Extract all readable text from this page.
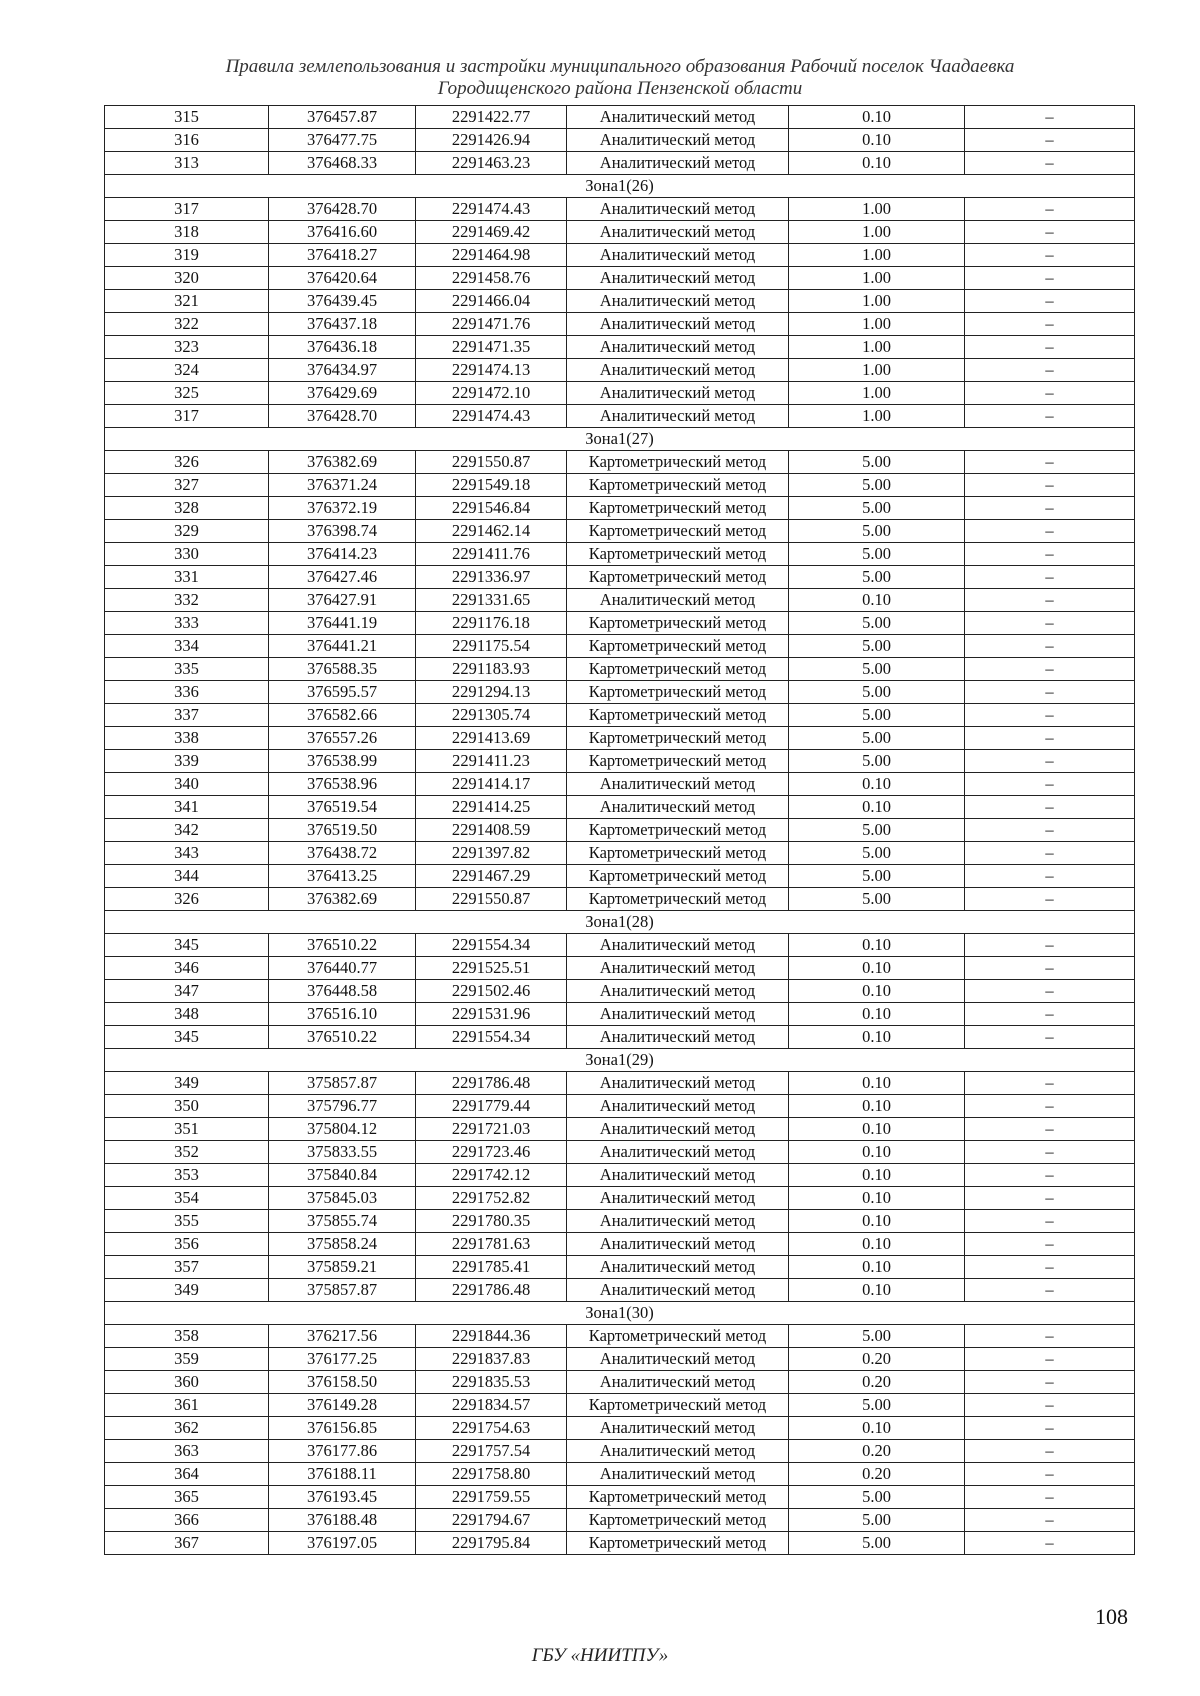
Правила землепользования и застройки муниципального образования Рабочий поселок Чаадаевка
Городищенского района Пензенской области
315	376457.87	2291422.77	Аналитический метод	0.10	–
316	376477.75	2291426.94	Аналитический метод	0.10	–
313	376468.33	2291463.23	Аналитический метод	0.10	–
Зона1(26)					
317	376428.70	2291474.43	Аналитический метод	1.00	–
318	376416.60	2291469.42	Аналитический метод	1.00	–
319	376418.27	2291464.98	Аналитический метод	1.00	–
320	376420.64	2291458.76	Аналитический метод	1.00	–
321	376439.45	2291466.04	Аналитический метод	1.00	–
322	376437.18	2291471.76	Аналитический метод	1.00	–
323	376436.18	2291471.35	Аналитический метод	1.00	–
324	376434.97	2291474.13	Аналитический метод	1.00	–
325	376429.69	2291472.10	Аналитический метод	1.00	–
317	376428.70	2291474.43	Аналитический метод	1.00	–
Зона1(27)					
326	376382.69	2291550.87	Картометрический метод	5.00	–
327	376371.24	2291549.18	Картометрический метод	5.00	–
328	376372.19	2291546.84	Картометрический метод	5.00	–
329	376398.74	2291462.14	Картометрический метод	5.00	–
330	376414.23	2291411.76	Картометрический метод	5.00	–
331	376427.46	2291336.97	Картометрический метод	5.00	–
332	376427.91	2291331.65	Аналитический метод	0.10	–
333	376441.19	2291176.18	Картометрический метод	5.00	–
334	376441.21	2291175.54	Картометрический метод	5.00	–
335	376588.35	2291183.93	Картометрический метод	5.00	–
336	376595.57	2291294.13	Картометрический метод	5.00	–
337	376582.66	2291305.74	Картометрический метод	5.00	–
338	376557.26	2291413.69	Картометрический метод	5.00	–
339	376538.99	2291411.23	Картометрический метод	5.00	–
340	376538.96	2291414.17	Аналитический метод	0.10	–
341	376519.54	2291414.25	Аналитический метод	0.10	–
342	376519.50	2291408.59	Картометрический метод	5.00	–
343	376438.72	2291397.82	Картометрический метод	5.00	–
344	376413.25	2291467.29	Картометрический метод	5.00	–
326	376382.69	2291550.87	Картометрический метод	5.00	–
Зона1(28)					
345	376510.22	2291554.34	Аналитический метод	0.10	–
346	376440.77	2291525.51	Аналитический метод	0.10	–
347	376448.58	2291502.46	Аналитический метод	0.10	–
348	376516.10	2291531.96	Аналитический метод	0.10	–
345	376510.22	2291554.34	Аналитический метод	0.10	–
Зона1(29)					
349	375857.87	2291786.48	Аналитический метод	0.10	–
350	375796.77	2291779.44	Аналитический метод	0.10	–
351	375804.12	2291721.03	Аналитический метод	0.10	–
352	375833.55	2291723.46	Аналитический метод	0.10	–
353	375840.84	2291742.12	Аналитический метод	0.10	–
354	375845.03	2291752.82	Аналитический метод	0.10	–
355	375855.74	2291780.35	Аналитический метод	0.10	–
356	375858.24	2291781.63	Аналитический метод	0.10	–
357	375859.21	2291785.41	Аналитический метод	0.10	–
349	375857.87	2291786.48	Аналитический метод	0.10	–
Зона1(30)					
358	376217.56	2291844.36	Картометрический метод	5.00	–
359	376177.25	2291837.83	Аналитический метод	0.20	–
360	376158.50	2291835.53	Аналитический метод	0.20	–
361	376149.28	2291834.57	Картометрический метод	5.00	–
362	376156.85	2291754.63	Аналитический метод	0.10	–
363	376177.86	2291757.54	Аналитический метод	0.20	–
364	376188.11	2291758.80	Аналитический метод	0.20	–
365	376193.45	2291759.55	Картометрический метод	5.00	–
366	376188.48	2291794.67	Картометрический метод	5.00	–
367	376197.05	2291795.84	Картометрический метод	5.00	–
108
ГБУ «НИИТПУ»
